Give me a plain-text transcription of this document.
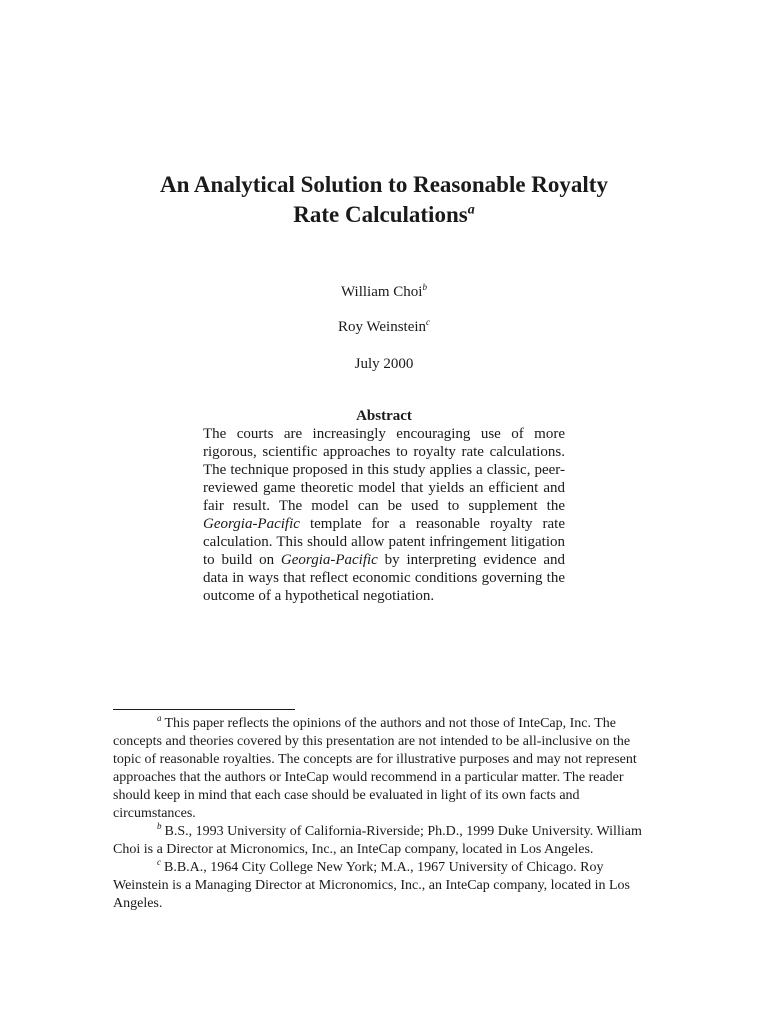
An Analytical Solution to Reasonable Royalty
Rate Calculations$^a$
William Choi$^b$
Roy Weinstein$^c$
July 2000
Abstract
The courts are increasingly encouraging use of more rigorous, scientific approaches to royalty rate calculations. The technique proposed in this study applies a classic, peer-reviewed game theoretic model that yields an efficient and fair result. The model can be used to supplement the Georgia-Pacific template for a reasonable royalty rate calculation. This should allow patent infringement litigation to build on Georgia-Pacific by interpreting evidence and data in ways that reflect economic conditions governing the outcome of a hypothetical negotiation.

$^a$ This paper reflects the opinions of the authors and not those of InteCap, Inc. The concepts and theories covered by this presentation are not intended to be all-inclusive on the topic of reasonable royalties. The concepts are for illustrative purposes and may not represent approaches that the authors or InteCap would recommend in a particular matter. The reader should keep in mind that each case should be evaluated in light of its own facts and circumstances.

$^b$ B.S., 1993 University of California-Riverside; Ph.D., 1999 Duke University. William Choi is a Director at Micronomics, Inc., an InteCap company, located in Los Angeles.

$^c$ B.B.A., 1964 City College New York; M.A., 1967 University of Chicago. Roy Weinstein is a Managing Director at Micronomics, Inc., an InteCap company, located in Los Angeles.
